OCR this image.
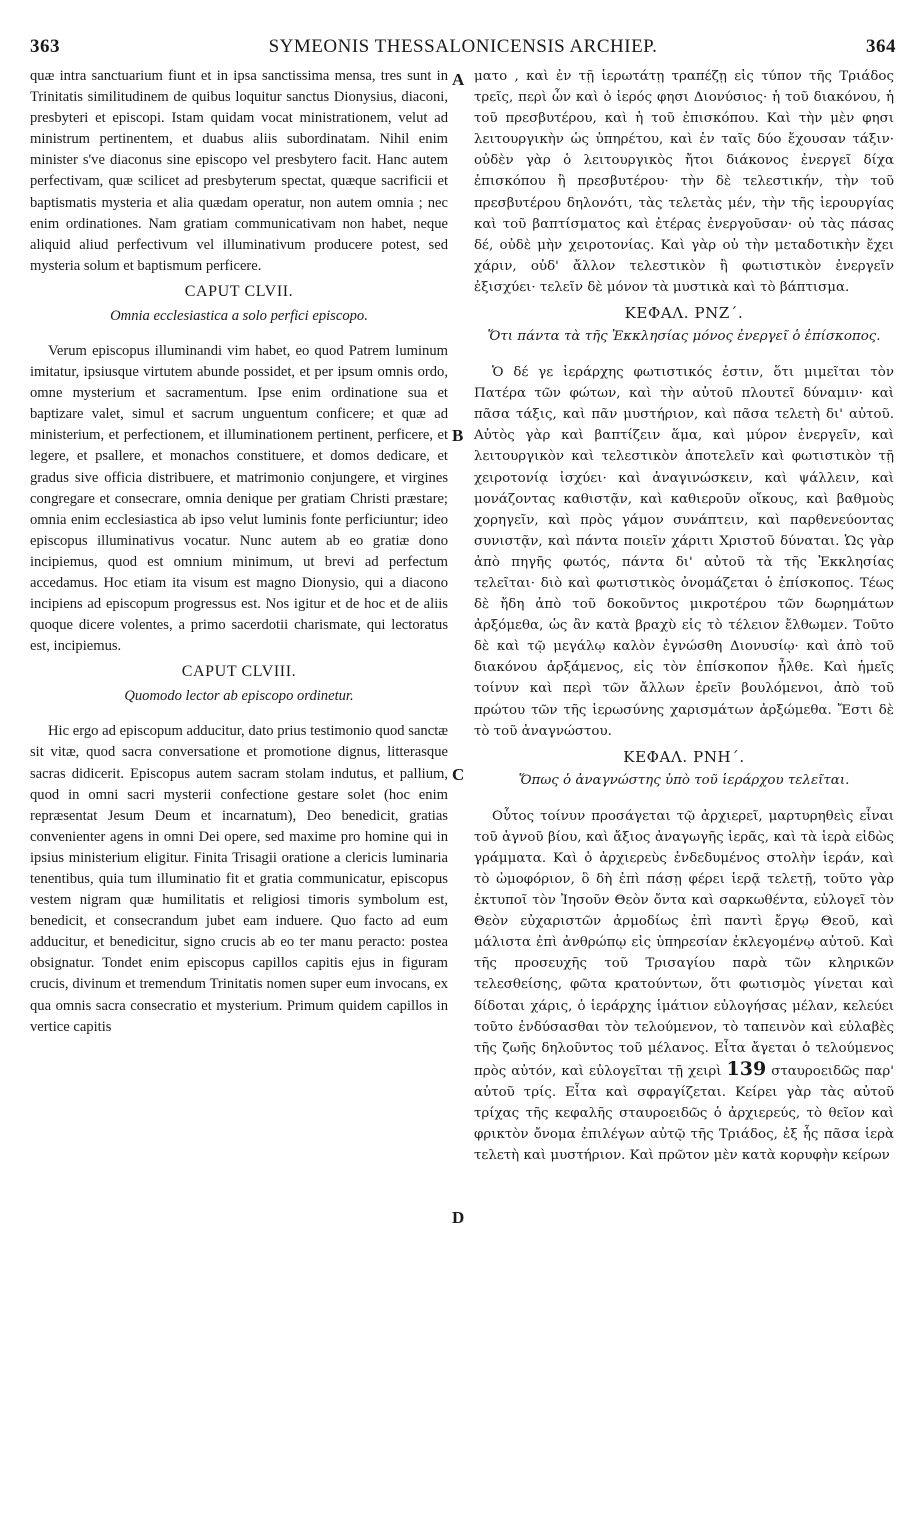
363	SYMEONIS THESSALONICENSIS ARCHIEP.	364
A
B
C
D

quæ intra sanctuarium fiunt et in ipsa sanctissima mensa, tres sunt in Trinitatis similitudinem de quibus loquitur sanctus Dionysius, diaconi, presbyteri et episcopi. Istam quidam vocat ministrationem, velut ad ministrum pertinentem, et duabus aliis subordinatam. Nihil enim minister s've diaconus sine episcopo vel presbytero facit. Hanc autem perfectivam, quæ scilicet ad presbyterum spectat, quæque sacrificii et baptismatis mysteria et alia quædam operatur, non autem omnia ; nec enim ordinationes. Nam gratiam communicativam non habet, neque aliquid aliud perfectivum vel illuminativum producere potest, sed mysteria solum et baptismum perficere.

CAPUT CLVII.
Omnia ecclesiastica a solo perfici episcopo.

Verum episcopus illuminandi vim habet, eo quod Patrem luminum imitatur, ipsiusque virtutem abunde possidet, et per ipsum omnis ordo, omne mysterium et sacramentum. Ipse enim ordinatione sua et baptizare valet, simul et sacrum unguentum conficere; et quæ ad ministerium, et perfectionem, et illuminationem pertinent, perficere, et legere, et psallere, et monachos constituere, et domos dedicare, et gradus sive officia distribuere, et matrimonio conjungere, et virgines congregare et consecrare, omnia denique per gratiam Christi præstare; omnia enim ecclesiastica ab ipso velut luminis fonte perficiuntur; ideo episcopus illuminativus vocatur. Nunc autem ab eo gratiæ dono incipiemus, quod est omnium minimum, ut brevi ad perfectum accedamus. Hoc etiam ita visum est magno Dionysio, qui a diacono incipiens ad episcopum progressus est. Nos igitur et de hoc et de aliis quoque dicere volentes, a primo sacerdotii charismate, qui lectoratus est, incipiemus.

CAPUT CLVIII.
Quomodo lector ab episcopo ordinetur.

Hic ergo ad episcopum adducitur, dato prius testimonio quod sanctæ sit vitæ, quod sacra conversatione et promotione dignus, litterasque sacras didicerit. Episcopus autem sacram stolam indutus, et pallium, quod in omni sacri mysterii confectione gestare solet (hoc enim repræsentat Jesum Deum et incarnatum), Deo benedicit, gratias convenienter agens in omni Dei opere, sed maxime pro homine qui in ipsius ministerium eligitur. Finita Trisagii oratione a clericis luminaria tenentibus, quia tum illuminatio fit et gratia communicatur, episcopus vestem nigram quæ humilitatis et religiosi timoris symbolum est, benedicit, et consecrandum jubet eam induere. Quo facto ad eum adducitur, et benedicitur, signo crucis ab eo ter manu peracto: postea obsignatur. Tondet enim episcopus capillos capitis ejus in figuram crucis, divinum et tremendum Trinitatis nomen super eum invocans, ex qua omnis sacra consecratio et mysterium. Primum quidem capillos in vertice capitis

ματο , καὶ ἐν τῇ ἱερωτάτῃ τραπέζῃ εἰς τύπον τῆς Τριάδος τρεῖς, περὶ ὧν καὶ ὁ ἱερός φησι Διονύσιος· ἡ τοῦ διακόνου, ἡ τοῦ πρεσβυτέρου, καὶ ἡ τοῦ ἐπισκόπου. Καὶ τὴν μὲν φησι λειτουργικὴν ὡς ὑπηρέτου, καὶ ἐν ταῖς δύο ἔχουσαν τάξιν· οὐδὲν γὰρ ὁ λειτουργικὸς ἤτοι διάκονος ἐνεργεῖ δίχα ἐπισκόπου ἢ πρεσβυτέρου· τὴν δὲ τελεστικήν, τὴν τοῦ πρεσβυτέρου δηλονότι, τὰς τελετὰς μέν, τὴν τῆς ἱερουργίας καὶ τοῦ βαπτίσματος καὶ ἑτέρας ἐνεργοῦσαν· οὐ τὰς πάσας δέ, οὐδὲ μὴν χειροτονίας. Καὶ γὰρ οὐ τὴν μεταδοτικὴν ἔχει χάριν, οὐδ' ἄλλον τελεστικὸν ἢ φωτιστικὸν ἐνεργεῖν ἐξισχύει· τελεῖν δὲ μόνον τὰ μυστικὰ καὶ τὸ βάπτισμα.

ΚΕΦΑΛ. ΡΝΖ΄.
Ὅτι πάντα τὰ τῆς Ἐκκλησίας μόνος ἐνεργεῖ ὁ ἐπίσκοπος.

Ὁ δέ γε ἱεράρχης φωτιστικός ἐστιν, ὅτι μιμεῖται τὸν Πατέρα τῶν φώτων, καὶ τὴν αὐτοῦ πλουτεῖ δύναμιν· καὶ πᾶσα τάξις, καὶ πᾶν μυστήριον, καὶ πᾶσα τελετὴ δι' αὐτοῦ. Αὐτὸς γὰρ καὶ βαπτίζειν ἅμα, καὶ μύρον ἐνεργεῖν, καὶ λειτουργικὸν καὶ τελεστικὸν ἀποτελεῖν καὶ φωτιστικὸν τῇ χειροτονίᾳ ἰσχύει· καὶ ἀναγινώσκειν, καὶ ψάλλειν, καὶ μονάζοντας καθιστᾷν, καὶ καθιεροῦν οἴκους, καὶ βαθμοὺς χορηγεῖν, καὶ πρὸς γάμον συνάπτειν, καὶ παρθενεύοντας συνιστᾷν, καὶ πάντα ποιεῖν χάριτι Χριστοῦ δύναται. Ὡς γὰρ ἀπὸ πηγῆς φωτός, πάντα δι' αὐτοῦ τὰ τῆς Ἐκκλησίας τελεῖται· διὸ καὶ φωτιστικὸς ὀνομάζεται ὁ ἐπίσκοπος. Τέως δὲ ἤδη ἀπὸ τοῦ δοκοῦντος μικροτέρου τῶν δωρημάτων ἀρξόμεθα, ὡς ἂν κατὰ βραχὺ εἰς τὸ τέλειον ἔλθωμεν. Τοῦτο δὲ καὶ τῷ μεγάλῳ καλὸν ἐγνώσθη Διονυσίῳ· καὶ ἀπὸ τοῦ διακόνου ἀρξάμενος, εἰς τὸν ἐπίσκοπον ἦλθε. Καὶ ἡμεῖς τοίνυν καὶ περὶ τῶν ἄλλων ἐρεῖν βουλόμενοι, ἀπὸ τοῦ πρώτου τῶν τῆς ἱερωσύνης χαρισμάτων ἀρξώμεθα. Ἔστι δὲ τὸ τοῦ ἀναγνώστου.

ΚΕΦΑΛ. ΡΝΗ΄.
Ὅπως ὁ ἀναγνώστης ὑπὸ τοῦ ἱεράρχου τελεῖται.

Οὗτος τοίνυν προσάγεται τῷ ἀρχιερεῖ, μαρτυρηθεὶς εἶναι τοῦ ἁγνοῦ βίου, καὶ ἄξιος ἀναγωγῆς ἱερᾶς, καὶ τὰ ἱερὰ εἰδὼς γράμματα. Καὶ ὁ ἀρχιερεὺς ἐνδεδυμένος στολὴν ἱεράν, καὶ τὸ ὠμοφόριον, ὃ δὴ ἐπὶ πάσῃ φέρει ἱερᾷ τελετῇ, τοῦτο γὰρ ἐκτυποῖ τὸν Ἰησοῦν Θεὸν ὄντα καὶ σαρκωθέντα, εὐλογεῖ τὸν Θεὸν εὐχαριστῶν ἁρμοδίως ἐπὶ παντὶ ἔργῳ Θεοῦ, καὶ μάλιστα ἐπὶ ἀνθρώπῳ εἰς ὑπηρεσίαν ἐκλεγομένῳ αὐτοῦ. Καὶ τῆς προσευχῆς τοῦ Τρισαγίου παρὰ τῶν κληρικῶν τελεσθείσης, φῶτα κρατούντων, ὅτι φωτισμὸς γίνεται καὶ δίδοται χάρις, ὁ ἱεράρχης ἱμάτιον εὐλογήσας μέλαν, κελεύει τοῦτο ἐνδύσασθαι τὸν τελούμενον, τὸ ταπεινὸν καὶ εὐλαβὲς τῆς ζωῆς δηλοῦντος τοῦ μέλανος. Εἶτα ἄγεται ὁ τελούμενος πρὸς αὐτόν, καὶ εὐλογεῖται τῇ χειρὶ 139 σταυροειδῶς παρ' αὐτοῦ τρίς. Εἶτα καὶ σφραγίζεται. Κείρει γὰρ τὰς αὐτοῦ τρίχας τῆς κεφαλῆς σταυροειδῶς ὁ ἀρχιερεύς, τὸ θεῖον καὶ φρικτὸν ὄνομα ἐπιλέγων αὐτῷ τῆς Τριάδος, ἐξ ἧς πᾶσα ἱερὰ τελετὴ καὶ μυστήριον. Καὶ πρῶτον μὲν κατὰ κορυφὴν κείρων
